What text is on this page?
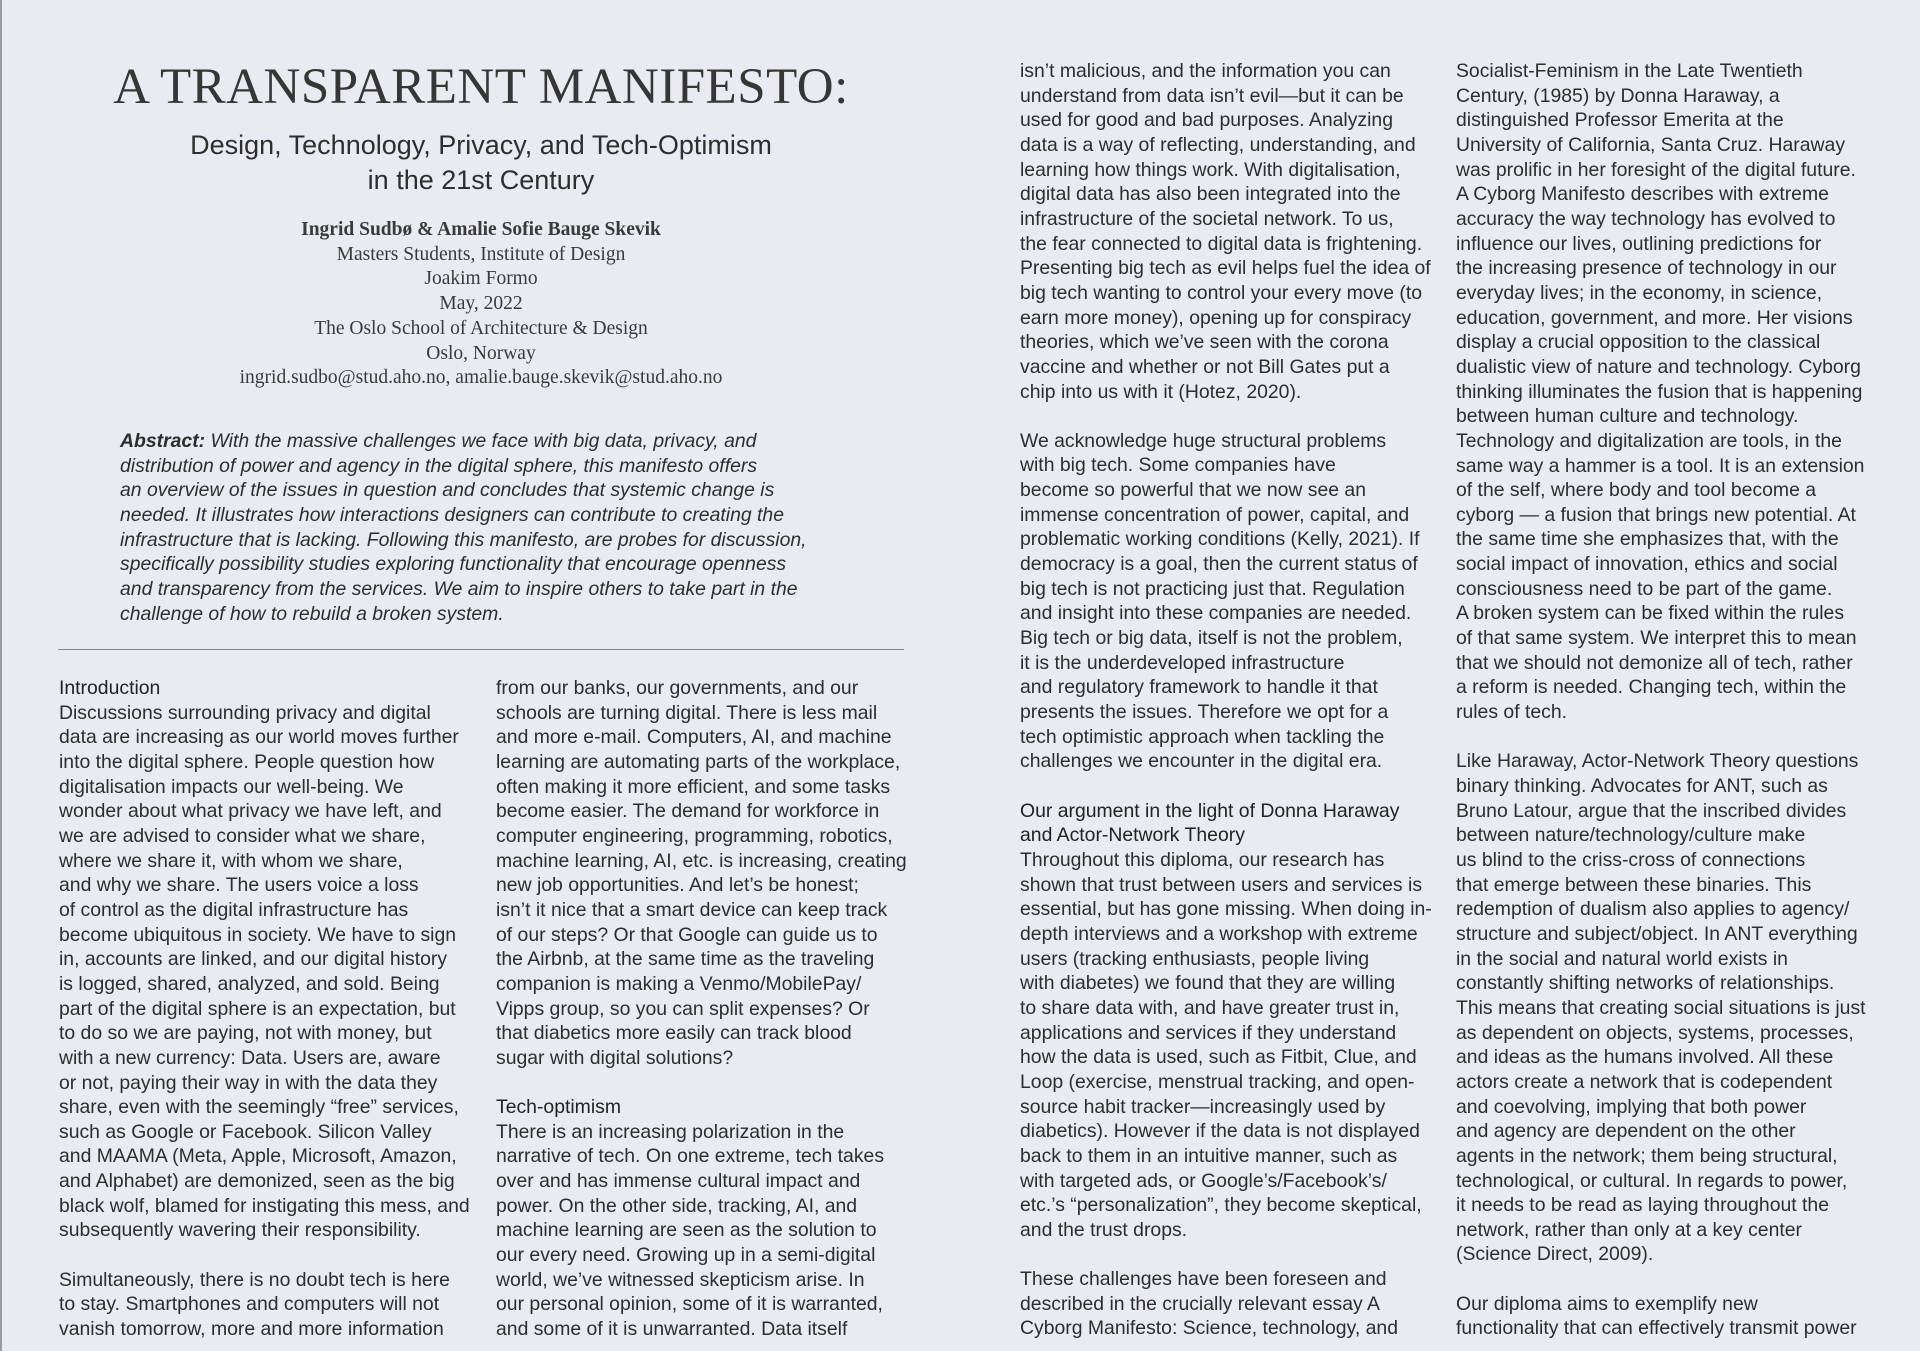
A TRANSPARENT MANIFESTO:
Design, Technology, Privacy, and Tech-Optimism
in the 21st Century
Ingrid Sudbø & Amalie Sofie Bauge Skevik
Masters Students, Institute of Design
Joakim Formo
May, 2022
The Oslo School of Architecture & Design
Oslo, Norway
ingrid.sudbo@stud.aho.no, amalie.bauge.skevik@stud.aho.no
Abstract: With the massive challenges we face with big data, privacy, and
distribution of power and agency in the digital sphere, this manifesto offers
an overview of the issues in question and concludes that systemic change is
needed. It illustrates how interactions designers can contribute to creating the
infrastructure that is lacking. Following this manifesto, are probes for discussion,
specifically possibility studies exploring functionality that encourage openness
and transparency from the services. We aim to inspire others to take part in the
challenge of how to rebuild a broken system.
Introduction

Discussions surrounding privacy and digital
data are increasing as our world moves further
into the digital sphere. People question how
digitalisation impacts our well-being. We
wonder about what privacy we have left, and
we are advised to consider what we share,
where we share it, with whom we share,
and why we share. The users voice a loss
of control as the digital infrastructure has
become ubiquitous in society. We have to sign
in, accounts are linked, and our digital history
is logged, shared, analyzed, and sold. Being
part of the digital sphere is an expectation, but
to do so we are paying, not with money, but
with a new currency: Data. Users are, aware
or not, paying their way in with the data they
share, even with the seemingly “free” services,
such as Google or Facebook. Silicon Valley
and MAAMA (Meta, Apple, Microsoft, Amazon,
and Alphabet) are demonized, seen as the big
black wolf, blamed for instigating this mess, and
subsequently wavering their responsibility.

Simultaneously, there is no doubt tech is here
to stay. Smartphones and computers will not
vanish tomorrow, more and more information

from our banks, our governments, and our
schools are turning digital. There is less mail
and more e-mail. Computers, AI, and machine
learning are automating parts of the workplace,
often making it more efficient, and some tasks
become easier. The demand for workforce in
computer engineering, programming, robotics,
machine learning, AI, etc. is increasing, creating
new job opportunities. And let’s be honest;
isn’t it nice that a smart device can keep track
of our steps? Or that Google can guide us to
the Airbnb, at the same time as the traveling
companion is making a Venmo/MobilePay/
Vipps group, so you can split expenses? Or
that diabetics more easily can track blood
sugar with digital solutions?

Tech-optimism

There is an increasing polarization in the
narrative of tech. On one extreme, tech takes
over and has immense cultural impact and
power. On the other side, tracking, AI, and
machine learning are seen as the solution to
our every need. Growing up in a semi-digital
world, we’ve witnessed skepticism arise. In
our personal opinion, some of it is warranted,
and some of it is unwarranted. Data itself

isn’t malicious, and the information you can
understand from data isn’t evil—but it can be
used for good and bad purposes. Analyzing
data is a way of reflecting, understanding, and
learning how things work. With digitalisation,
digital data has also been integrated into the
infrastructure of the societal network. To us,
the fear connected to digital data is frightening.
Presenting big tech as evil helps fuel the idea of
big tech wanting to control your every move (to
earn more money), opening up for conspiracy
theories, which we’ve seen with the corona
vaccine and whether or not Bill Gates put a
chip into us with it (Hotez, 2020).

We acknowledge huge structural problems
with big tech. Some companies have
become so powerful that we now see an
immense concentration of power, capital, and
problematic working conditions (Kelly, 2021). If
democracy is a goal, then the current status of
big tech is not practicing just that. Regulation
and insight into these companies are needed.
Big tech or big data, itself is not the problem,
it is the underdeveloped infrastructure
and regulatory framework to handle it that
presents the issues. Therefore we opt for a
tech optimistic approach when tackling the
challenges we encounter in the digital era.

Our argument in the light of Donna Haraway
and Actor-Network Theory

Throughout this diploma, our research has
shown that trust between users and services is
essential, but has gone missing. When doing in-
depth interviews and a workshop with extreme
users (tracking enthusiasts, people living
with diabetes) we found that they are willing
to share data with, and have greater trust in,
applications and services if they understand
how the data is used, such as Fitbit, Clue, and
Loop (exercise, menstrual tracking, and open-
source habit tracker—increasingly used by
diabetics). However if the data is not displayed
back to them in an intuitive manner, such as
with targeted ads, or Google’s/Facebook’s/
etc.’s “personalization”, they become skeptical,
and the trust drops.

These challenges have been foreseen and
described in the crucially relevant essay A
Cyborg Manifesto: Science, technology, and

Socialist-Feminism in the Late Twentieth
Century, (1985) by Donna Haraway, a
distinguished Professor Emerita at the
University of California, Santa Cruz. Haraway
was prolific in her foresight of the digital future.
A Cyborg Manifesto describes with extreme
accuracy the way technology has evolved to
influence our lives, outlining predictions for
the increasing presence of technology in our
everyday lives; in the economy, in science,
education, government, and more. Her visions
display a crucial opposition to the classical
dualistic view of nature and technology. Cyborg
thinking illuminates the fusion that is happening
between human culture and technology.
Technology and digitalization are tools, in the
same way a hammer is a tool. It is an extension
of the self, where body and tool become a
cyborg — a fusion that brings new potential. At
the same time she emphasizes that, with the
social impact of innovation, ethics and social
consciousness need to be part of the game.
A broken system can be fixed within the rules
of that same system. We interpret this to mean
that we should not demonize all of tech, rather
a reform is needed. Changing tech, within the
rules of tech.

Like Haraway, Actor-Network Theory questions
binary thinking. Advocates for ANT, such as
Bruno Latour, argue that the inscribed divides
between nature/technology/culture make
us blind to the criss-cross of connections
that emerge between these binaries. This
redemption of dualism also applies to agency/
structure and subject/object. In ANT everything
in the social and natural world exists in
constantly shifting networks of relationships.
This means that creating social situations is just
as dependent on objects, systems, processes,
and ideas as the humans involved. All these
actors create a network that is codependent
and coevolving, implying that both power
and agency are dependent on the other
agents in the network; them being structural,
technological, or cultural. In regards to power,
it needs to be read as laying throughout the
network, rather than only at a key center
(Science Direct, 2009).

Our diploma aims to exemplify new
functionality that can effectively transmit power
